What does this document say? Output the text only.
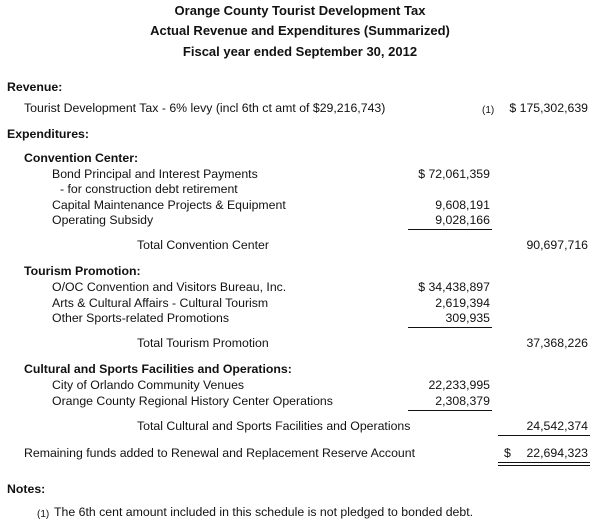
Orange County Tourist Development Tax
Actual Revenue and Expenditures (Summarized)
Fiscal year ended September 30, 2012
Revenue:
Tourist Development Tax - 6% levy (incl 6th ct amt of $29,216,743)	(1) $ 175,302,639
Expenditures:
Convention Center:
Bond Principal and Interest Payments	$ 72,061,359
- for construction debt retirement
Capital Maintenance Projects & Equipment	9,608,191
Operating Subsidy	9,028,166
Total Convention Center	90,697,716
Tourism Promotion:
O/OC Convention and Visitors Bureau, Inc.	$ 34,438,897
Arts & Cultural Affairs - Cultural Tourism	2,619,394
Other Sports-related Promotions	309,935
Total Tourism Promotion	37,368,226
Cultural and Sports Facilities and Operations:
City of Orlando Community Venues	22,233,995
Orange County Regional History Center Operations	2,308,379
Total Cultural and Sports Facilities and Operations	24,542,374
Remaining funds added to Renewal and Replacement Reserve Account	$ 22,694,323
Notes:
(1) The 6th cent amount included in this schedule is not pledged to bonded debt.
